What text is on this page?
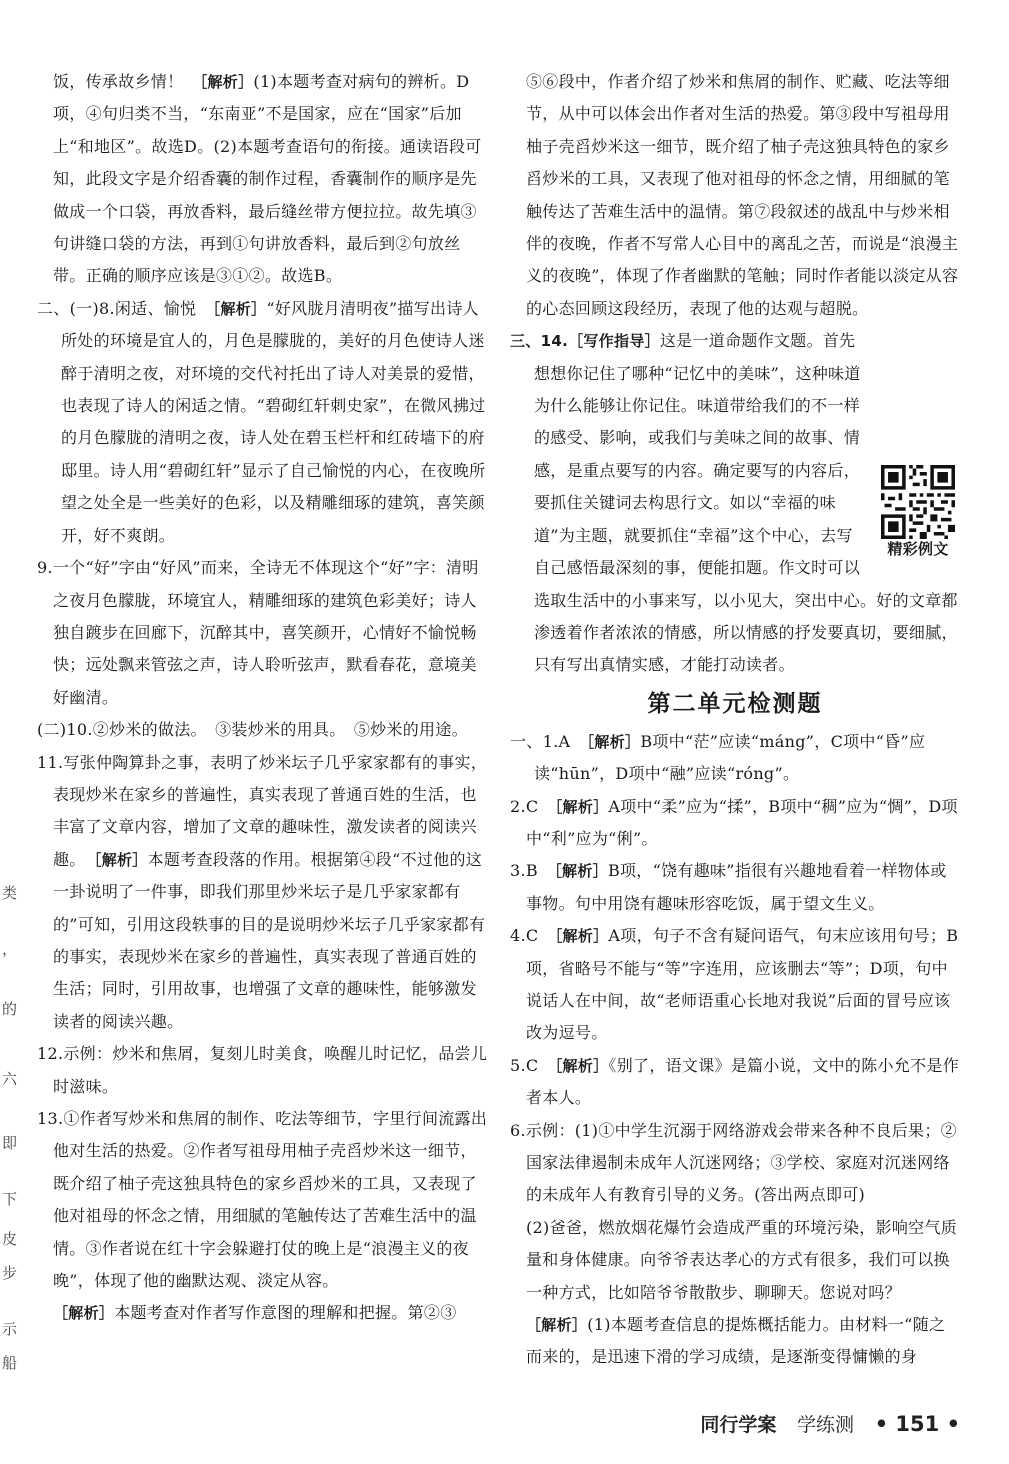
类
，
的
六
即
下
皮
步
示
船

饭，传承故乡情！　［解析］(1)本题考查对病句的辨析。D项，④句归类不当，“东南亚”不是国家，应在“国家”后加上“和地区”。故选D。(2)本题考查语句的衔接。通读语段可知，此段文字是介绍香囊的制作过程，香囊制作的顺序是先做成一个口袋，再放香料，最后缝丝带方便拉拉。故先填③句讲缝口袋的方法，再到①句讲放香料，最后到②句放丝带。正确的顺序应该是③①②。故选B。

二、(一)8.闲适、愉悦　［解析］“好风胧月清明夜”描写出诗人所处的环境是宜人的，月色是朦胧的，美好的月色使诗人迷醉于清明之夜，对环境的交代衬托出了诗人对美景的爱惜，也表现了诗人的闲适之情。“碧砌红轩刺史家”，在微风拂过的月色朦胧的清明之夜，诗人处在碧玉栏杆和红砖墙下的府邸里。诗人用“碧砌红轩”显示了自己愉悦的内心，在夜晚所望之处全是一些美好的色彩，以及精雕细琢的建筑，喜笑颜开，好不爽朗。

9.一个“好”字由“好风”而来，全诗无不体现这个“好”字：清明之夜月色朦胧，环境宜人，精雕细琢的建筑色彩美好；诗人独自踱步在回廊下，沉醉其中，喜笑颜开，心情好不愉悦畅快；远处飘来管弦之声，诗人聆听弦声，默看春花，意境美好幽清。

(二)10.②炒米的做法。　③装炒米的用具。　⑤炒米的用途。

11.写张仲陶算卦之事，表明了炒米坛子几乎家家都有的事实，表现炒米在家乡的普遍性，真实表现了普通百姓的生活，也丰富了文章内容，增加了文章的趣味性，激发读者的阅读兴趣。　［解析］本题考查段落的作用。根据第④段“不过他的这一卦说明了一件事，即我们那里炒米坛子是几乎家家都有的”可知，引用这段轶事的目的是说明炒米坛子几乎家家都有的事实，表现炒米在家乡的普遍性，真实表现了普通百姓的生活；同时，引用故事，也增强了文章的趣味性，能够激发读者的阅读兴趣。

12.示例：炒米和焦屑，复刻儿时美食，唤醒儿时记忆，品尝儿时滋味。

13.①作者写炒米和焦屑的制作、吃法等细节，字里行间流露出他对生活的热爱。②作者写祖母用柚子壳舀炒米这一细节，既介绍了柚子壳这独具特色的家乡舀炒米的工具，又表现了他对祖母的怀念之情，用细腻的笔触传达了苦难生活中的温情。③作者说在红十字会躲避打仗的晚上是“浪漫主义的夜晚”，体现了他的幽默达观、淡定从容。

［解析］本题考查对作者写作意图的理解和把握。第②③

⑤⑥段中，作者介绍了炒米和焦屑的制作、贮藏、吃法等细节，从中可以体会出作者对生活的热爱。第③段中写祖母用柚子壳舀炒米这一细节，既介绍了柚子壳这独具特色的家乡舀炒米的工具，又表现了他对祖母的怀念之情，用细腻的笔触传达了苦难生活中的温情。第⑦段叙述的战乱中与炒米相伴的夜晚，作者不写常人心目中的离乱之苦，而说是“浪漫主义的夜晚”，体现了作者幽默的笔触；同时作者能以淡定从容的心态回顾这段经历，表现了他的达观与超脱。

精彩例文

三、14.［写作指导］这是一道命题作文题。首先想想你记住了哪种“记忆中的美味”，这种味道为什么能够让你记住。味道带给我们的不一样的感受、影响，或我们与美味之间的故事、情感，是重点要写的内容。确定要写的内容后，要抓住关键词去构思行文。如以“幸福的味道”为主题，就要抓住“幸福”这个中心，去写自己感悟最深刻的事，便能扣题。作文时可以选取生活中的小事来写，以小见大，突出中心。好的文章都渗透着作者浓浓的情感，所以情感的抒发要真切，要细腻，只有写出真情实感，才能打动读者。

第二单元检测题

一、1.A　［解析］B项中“茫”应读“máng”，C项中“昏”应读“hūn”，D项中“融”应读“róng”。

2.C　［解析］A项中“柔”应为“揉”，B项中“稠”应为“惆”，D项中“利”应为“俐”。

3.B　［解析］B项，“饶有趣味”指很有兴趣地看着一样物体或事物。句中用饶有趣味形容吃饭，属于望文生义。

4.C　［解析］A项，句子不含有疑问语气，句末应该用句号；B项，省略号不能与“等”字连用，应该删去“等”；D项，句中说话人在中间，故“老师语重心长地对我说”后面的冒号应该改为逗号。

5.C　［解析］《别了，语文课》是篇小说，文中的陈小允不是作者本人。

6.示例：(1)①中学生沉溺于网络游戏会带来各种不良后果；②国家法律遏制未成年人沉迷网络；③学校、家庭对沉迷网络的未成年人有教育引导的义务。(答出两点即可)

(2)爸爸，燃放烟花爆竹会造成严重的环境污染，影响空气质量和身体健康。向爷爷表达孝心的方式有很多，我们可以换一种方式，比如陪爷爷散散步、聊聊天。您说对吗？

［解析］(1)本题考查信息的提炼概括能力。由材料一“随之而来的，是迅速下滑的学习成绩，是逐渐变得慵懒的身

同行学案 学练测 • 151 •
